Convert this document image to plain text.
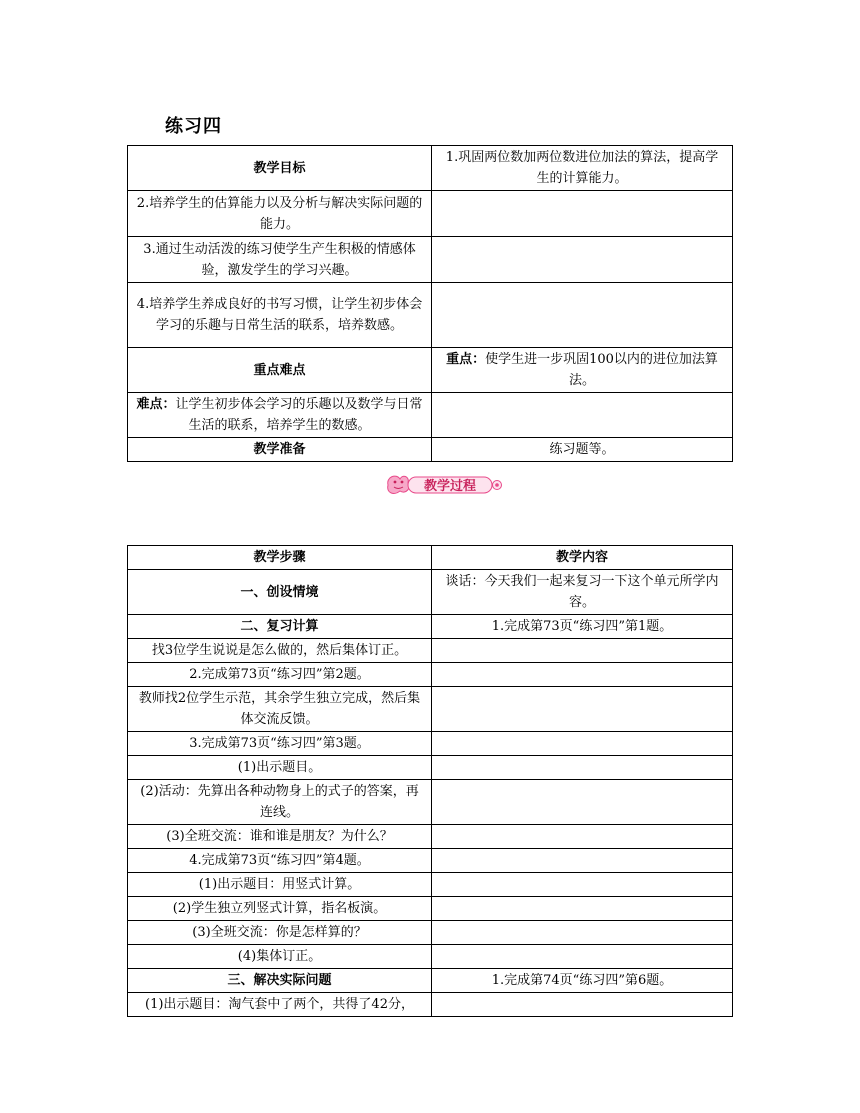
练习四
教学目标	1.巩固两位数加两位数进位加法的算法，提高学生的计算能力。
2.培养学生的估算能力以及分析与解决实际问题的能力。	
3.通过生动活泼的练习使学生产生积极的情感体验，激发学生的学习兴趣。	
4.培养学生养成良好的书写习惯，让学生初步体会学习的乐趣与日常生活的联系，培养数感。	
重点难点	重点：使学生进一步巩固100以内的进位加法算法。
难点：让学生初步体会学习的乐趣以及数学与日常生活的联系，培养学生的数感。	
教学准备	练习题等。
教学过程
教学步骤	教学内容
一、创设情境	谈话：今天我们一起来复习一下这个单元所学内容。
二、复习计算	1.完成第73页“练习四”第1题。
找3位学生说说是怎么做的，然后集体订正。	
2.完成第73页“练习四”第2题。	
教师找2位学生示范，其余学生独立完成，然后集体交流反馈。	
3.完成第73页“练习四”第3题。	
(1)出示题目。	
(2)活动：先算出各种动物身上的式子的答案，再连线。	
(3)全班交流：谁和谁是朋友？为什么？	
4.完成第73页“练习四”第4题。	
(1)出示题目：用竖式计算。	
(2)学生独立列竖式计算，指名板演。	
(3)全班交流：你是怎样算的？	
(4)集体订正。	
三、解决实际问题	1.完成第74页“练习四”第6题。
(1)出示题目：淘气套中了两个，共得了42分，	
